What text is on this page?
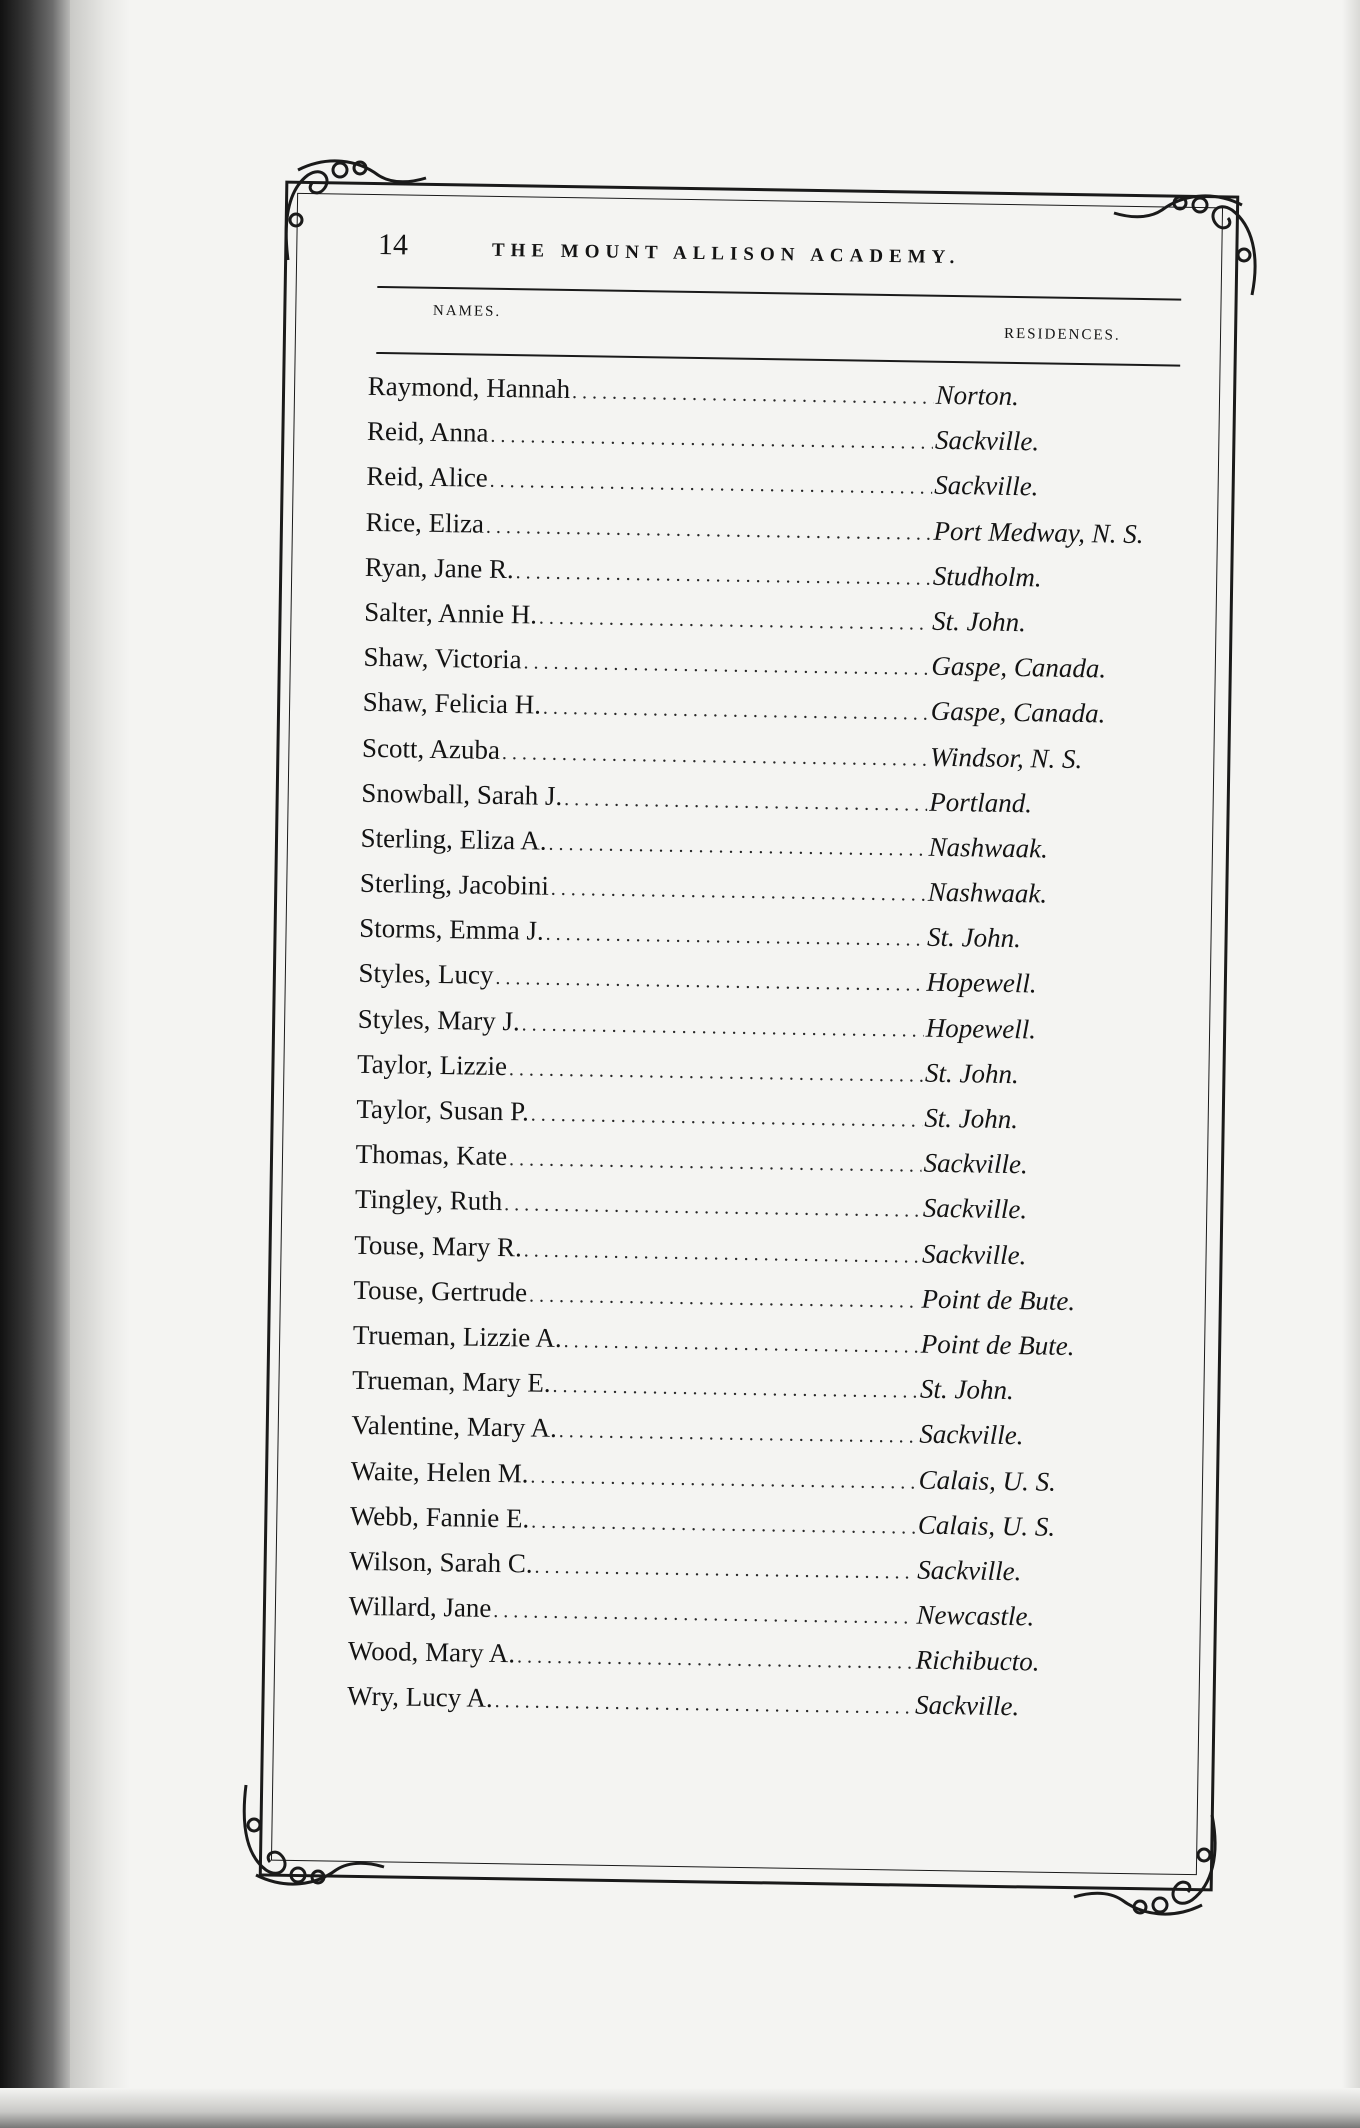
14	THE MOUNT ALLISON ACADEMY.
NAMES.
RESIDENCES.
Raymond, Hannah . . .	Norton.
Reid, Anna . . .	Sackville.
Reid, Alice . . .	Sackville.
Rice, Eliza . . .	Port Medway, N. S.
Ryan, Jane R. . . .	Studholm.
Salter, Annie H. . . .	St. John.
Shaw, Victoria . . .	Gaspe, Canada.
Shaw, Felicia H. . . .	Gaspe, Canada.
Scott, Azuba . . .	Windsor, N. S.
Snowball, Sarah J. . . .	Portland.
Sterling, Eliza A. . . .	Nashwaak.
Sterling, Jacobini . . .	Nashwaak.
Storms, Emma J. . . .	St. John.
Styles, Lucy . . .	Hopewell.
Styles, Mary J. . . .	Hopewell.
Taylor, Lizzie . . .	St. John.
Taylor, Susan P. . . .	St. John.
Thomas, Kate . . .	Sackville.
Tingley, Ruth . . .	Sackville.
Touse, Mary R. . . .	Sackville.
Touse, Gertrude . . .	Point de Bute.
Trueman, Lizzie A. . . .	Point de Bute.
Trueman, Mary E. . . .	St. John.
Valentine, Mary A. . . .	Sackville.
Waite, Helen M. . . .	Calais, U. S.
Webb, Fannie E. . . .	Calais, U. S.
Wilson, Sarah C. . . .	Sackville.
Willard, Jane . . .	Newcastle.
Wood, Mary A. . . .	Richibucto.
Wry, Lucy A. . . .	Sackville.
